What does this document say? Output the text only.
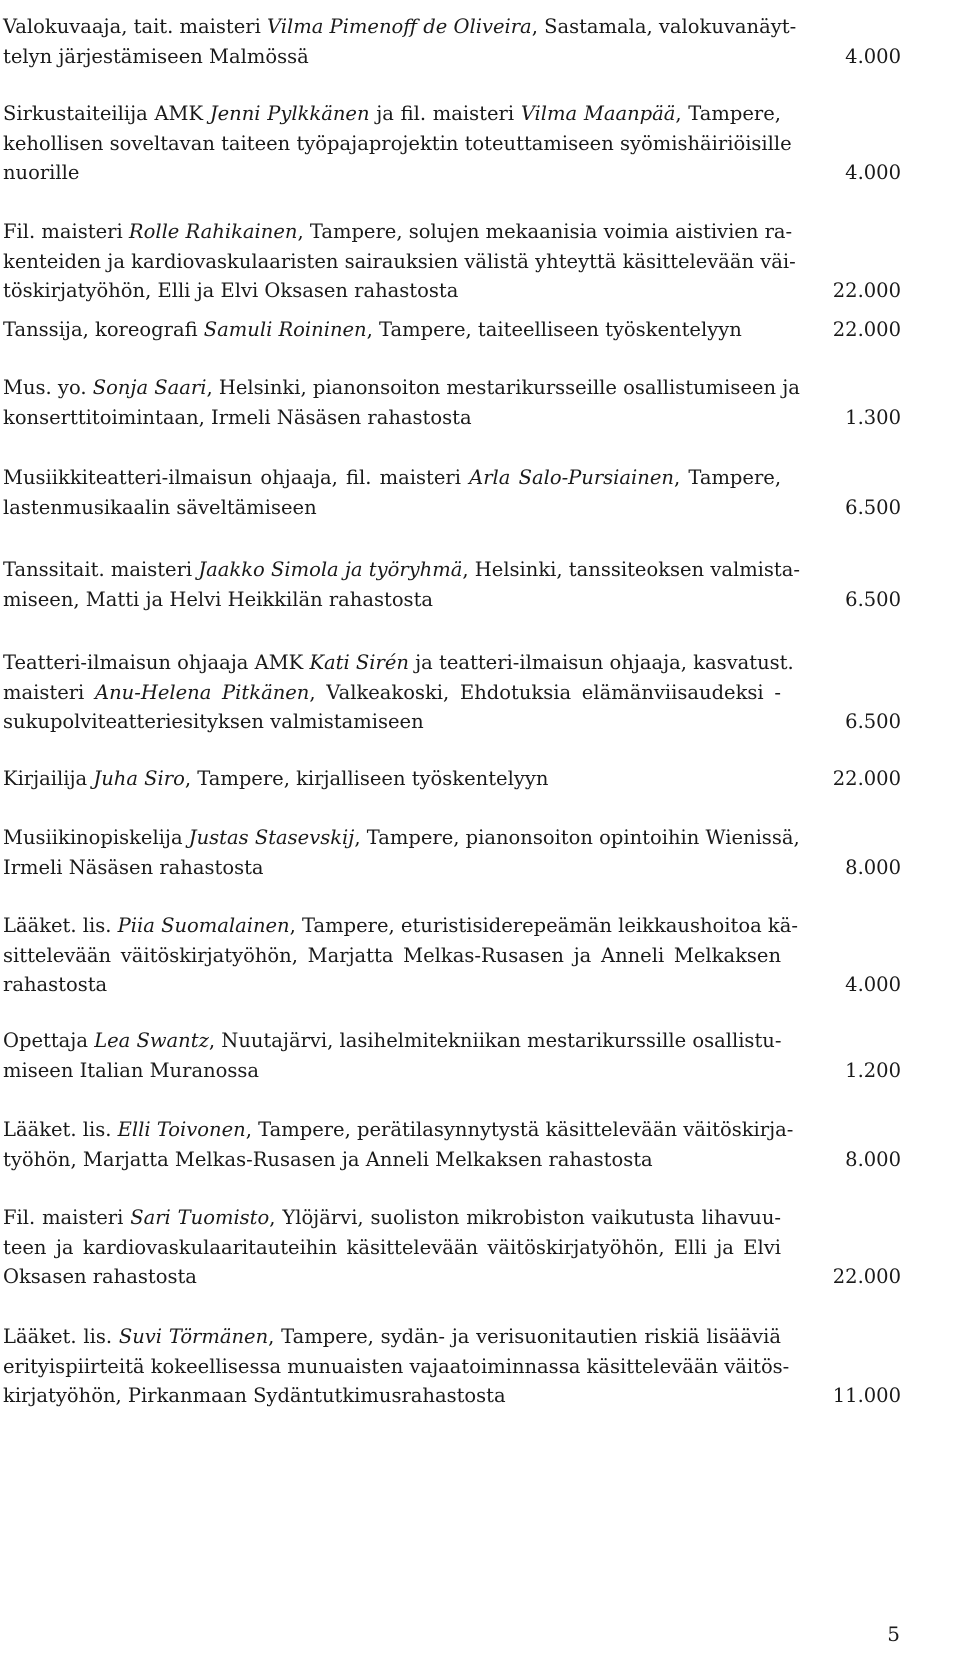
Valokuvaaja, tait. maisteri Vilma Pimenoff de Oliveira, Sastamala, valokuvanäyt-
telyn järjestämiseen Malmössä	4.000
Sirkustaiteilija AMK Jenni Pylkkänen ja fil. maisteri Vilma Maanpää, Tampere,
kehollisen soveltavan taiteen työpajaprojektin toteuttamiseen syömishäiriöisille
nuorille	4.000
Fil. maisteri Rolle Rahikainen, Tampere, solujen mekaanisia voimia aistivien ra-
kenteiden ja kardiovaskulaaristen sairauksien välistä yhteyttä käsittelevään väi-
töskirjatyöhön, Elli ja Elvi Oksasen rahastosta	22.000
Tanssija, koreografi Samuli Roininen, Tampere, taiteelliseen työskentelyyn	22.000
Mus. yo. Sonja Saari, Helsinki, pianonsoiton mestarikursseille osallistumiseen ja
konserttitoimintaan, Irmeli Näsäsen rahastosta	1.300
Musiikkiteatteri-ilmaisun ohjaaja, fil. maisteri Arla Salo-Pursiainen, Tampere,
lastenmusikaalin säveltämiseen	6.500
Tanssitait. maisteri Jaakko Simola ja työryhmä, Helsinki, tanssiteoksen valmista-
miseen, Matti ja Helvi Heikkilän rahastosta	6.500
Teatteri-ilmaisun ohjaaja AMK Kati Sirén ja teatteri-ilmaisun ohjaaja, kasvatust.
maisteri Anu-Helena Pitkänen, Valkeakoski, Ehdotuksia elämänviisaudeksi -
sukupolviteatteriesityksen valmistamiseen	6.500
Kirjailija Juha Siro, Tampere, kirjalliseen työskentelyyn	22.000
Musiikinopiskelija Justas Stasevskij, Tampere, pianonsoiton opintoihin Wienissä,
Irmeli Näsäsen rahastosta	8.000
Lääket. lis. Piia Suomalainen, Tampere, eturistisiderepeämän leikkaushoitoa kä-
sittelevään väitöskirjatyöhön, Marjatta Melkas-Rusasen ja Anneli Melkaksen
rahastosta	4.000
Opettaja Lea Swantz, Nuutajärvi, lasihelmitekniikan mestarikurssille osallistu-
miseen Italian Muranossa	1.200
Lääket. lis. Elli Toivonen, Tampere, perätilasynnytystä käsittelevään väitöskirja-
työhön, Marjatta Melkas-Rusasen ja Anneli Melkaksen rahastosta	8.000
Fil. maisteri Sari Tuomisto, Ylöjärvi, suoliston mikrobiston vaikutusta lihavuu-
teen ja kardiovaskulaaritauteihin käsittelevään väitöskirjatyöhön, Elli ja Elvi
Oksasen rahastosta	22.000
Lääket. lis. Suvi Törmänen, Tampere, sydän- ja verisuonitautien riskiä lisääviä
erityispiirteitä kokeellisessa munuaisten vajaatoiminnassa käsittelevään väitös-
kirjatyöhön, Pirkanmaan Sydäntutkimusrahastosta	11.000
5
